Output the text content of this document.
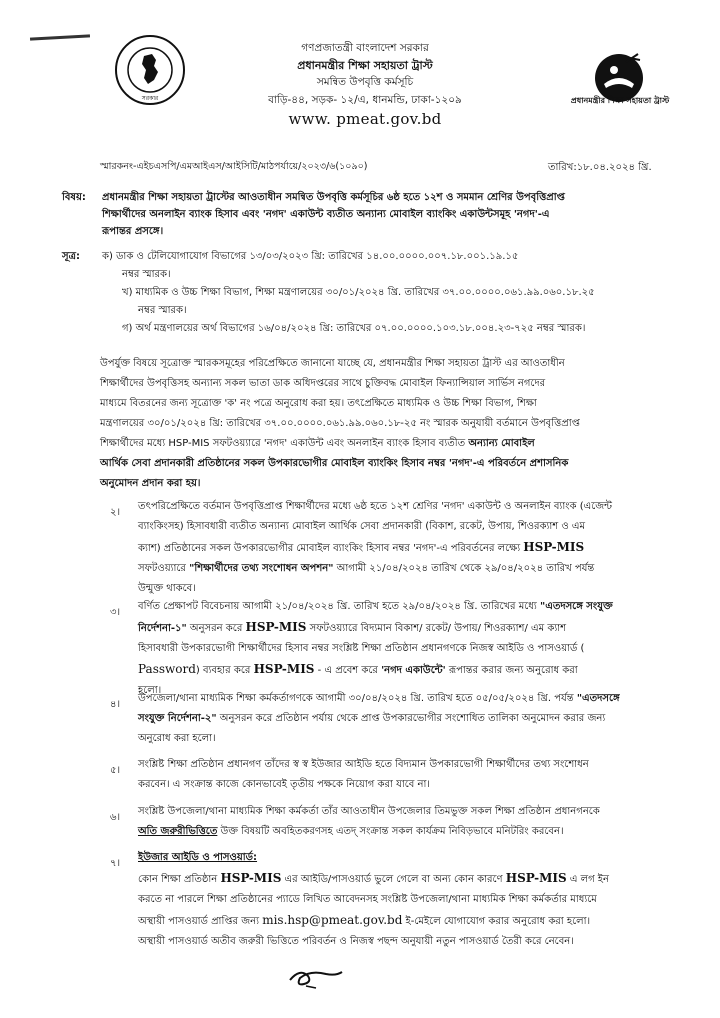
সরকার
গণপ্রজাতন্ত্রী বাংলাদেশ সরকার
প্রধানমন্ত্রীর শিক্ষা সহায়তা ট্রাস্ট
সমন্বিত উপবৃত্তি কর্মসূচি
বাড়ি-৪৪, সড়ক- ১২/এ, ধানমন্ডি, ঢাকা-১২০৯
www. pmeat.gov.bd
প্রধানমন্ত্রীর শিক্ষা সহায়তা ট্রাস্ট
স্মারকনং-এইচএসপি/এমআইএস/আইসিটি/মাঠপর্যায়ে/২০২৩/৬(১০৯০)	তারিখ:১৮.০৪.২০২৪ খ্রি.
বিষয়: প্রধানমন্ত্রীর শিক্ষা সহায়তা ট্রাস্টের আওতাধীন সমন্বিত উপবৃত্তি কর্মসূচির ৬ষ্ঠ হতে ১২শ ও সমমান শ্রেণির উপবৃত্তিপ্রাপ্ত
শিক্ষার্থীদের অনলাইন ব্যাংক হিসাব এবং 'নগদ' একাউন্ট ব্যতীত অন্যান্য মোবাইল ব্যাংকিং একাউন্টসমূহ 'নগদ'-এ
রূপান্তর প্রসঙ্গে।
সূত্র: ক) ডাক ও টেলিযোগাযোগ বিভাগের ১৩/০৩/২০২৩ খ্রি: তারিখের ১৪.০০.০০০০.০০৭.১৮.০০১.১৯.১৫
নম্বর স্মারক।
খ) মাধ্যমিক ও উচ্চ শিক্ষা বিভাগ, শিক্ষা মন্ত্রণালয়ের ৩০/০১/২০২৪ খ্রি. তারিখের ৩৭.০০.০০০০.০৬১.৯৯.০৬০.১৮.২৫
নম্বর স্মারক।
গ) অর্থ মন্ত্রণালয়ের অর্থ বিভাগের ১৬/০৪/২০২৪ খ্রি: তারিখের ০৭.০০.০০০০.১০৩.১৮.০০৪.২৩-৭২৫ নম্বর স্মারক।
উপর্যুক্ত বিষয়ে সূত্রোক্ত স্মারকসমূহের পরিপ্রেক্ষিতে জানানো যাচ্ছে যে, প্রধানমন্ত্রীর শিক্ষা সহায়তা ট্রাস্ট এর আওতাধীন
শিক্ষার্থীদের উপবৃত্তিসহ অন্যান্য সকল ভাতা ডাক অধিদপ্তরের সাথে চুক্তিবদ্ধ মোবাইল ফিন্যান্সিয়াল সার্ভিস নগদের
মাধ্যমে বিতরনের জন্য সূত্রোক্ত 'ক' নং পত্রে অনুরোধ করা হয়। তৎপ্রেক্ষিতে মাধ্যমিক ও উচ্চ শিক্ষা বিভাগ, শিক্ষা
মন্ত্রণালয়ের ৩০/০১/২০২৪ খ্রি: তারিখের ৩৭.০০.০০০০.০৬১.৯৯.০৬০.১৮-২৫ নং স্মারক অনুযায়ী বর্তমানে উপবৃত্তিপ্রাপ্ত
শিক্ষার্থীদের মধ্যে HSP-MIS সফটওয়্যারে 'নগদ' একাউন্ট এবং অনলাইন ব্যাংক হিসাব ব্যতীত অন্যান্য মোবাইল
আর্থিক সেবা প্রদানকারী প্রতিষ্ঠানের সকল উপকারভোগীর মোবাইল ব্যাংকিং হিসাব নম্বর 'নগদ'-এ পরিবর্তনে প্রশাসনিক
অনুমোদন প্রদান করা হয়।
২।
তৎপরিপ্রেক্ষিতে বর্তমান উপবৃত্তিপ্রাপ্ত শিক্ষার্থীদের মধ্যে ৬ষ্ঠ হতে ১২শ শ্রেণির 'নগদ' একাউন্ট ও অনলাইন ব্যাংক (এজেন্ট
ব্যাংকিংসহ) হিসাবধারী ব্যতীত অন্যান্য মোবাইল আর্থিক সেবা প্রদানকারী (বিকাশ, রকেট, উপায়, শিওরক্যাশ ও এম
ক্যাশ) প্রতিষ্ঠানের সকল উপকারভোগীর মোবাইল ব্যাংকিং হিসাব নম্বর 'নগদ'-এ পরিবর্তনের লক্ষ্যে HSP-MIS
সফটওয়্যারে "শিক্ষার্থীদের তথ্য সংশোধন অপশন" আগামী ২১/০৪/২০২৪ তারিখ থেকে ২৯/০৪/২০২৪ তারিখ পর্যন্ত
উন্মুক্ত থাকবে।
৩।
বর্ণিত প্রেক্ষাপট বিবেচনায় আগামী ২১/০৪/২০২৪ খ্রি. তারিখ হতে ২৯/০৪/২০২৪ খ্রি. তারিখের মধ্যে "এতদসঙ্গে সংযুক্ত
নির্দেশনা-১" অনুসরন করে HSP-MIS সফটওয়্যারে বিদ্যমান বিকাশ/ রকেট/ উপায়/ শিওরক্যাশ/ এম ক্যাশ
হিসাবধারী উপকারভোগী শিক্ষার্থীদের হিসাব নম্বর সংশ্লিষ্ট শিক্ষা প্রতিষ্ঠান প্রধানগণকে নিজস্ব আইডি ও পাসওয়ার্ড (
Password) ব্যবহার করে HSP-MIS - এ প্রবেশ করে 'নগদ একাউন্টে' রূপান্তর করার জন্য অনুরোধ করা
হলো।
৪।
উপজেলা/থানা মাধ্যমিক শিক্ষা কর্মকর্তাগণকে আগামী ৩০/০৪/২০২৪ খ্রি. তারিখ হতে ০৫/০৫/২০২৪ খ্রি. পর্যন্ত "এতদসঙ্গে
সংযুক্ত নির্দেশনা-২" অনুসরন করে প্রতিষ্ঠান পর্যায় থেকে প্রাপ্ত উপকারভোগীর সংশোধিত তালিকা অনুমোদন করার জন্য
অনুরোধ করা হলো।
৫।
সংশ্লিষ্ট শিক্ষা প্রতিষ্ঠান প্রধানগণ তাঁদের স্ব স্ব ইউজার আইডি হতে বিদ্যমান উপকারভোগী শিক্ষার্থীদের তথ্য সংশোধন
করবেন। এ সংক্রান্ত কাজে কোনভাবেই তৃতীয় পক্ষকে নিয়োগ করা যাবে না।
৬।
সংশ্লিষ্ট উপজেলা/থানা মাধ্যমিক শিক্ষা কর্মকর্তা তাঁর আওতাধীন উপজেলার তিমভুক্ত সকল শিক্ষা প্রতিষ্ঠান প্রধানগনকে
অতি জরুরীভিত্তিতে উক্ত বিষয়টি অবহিতকরণসহ এতদ্ সংক্রান্ত সকল কার্যক্রম নিবিড়ভাবে মনিটরিং করবেন।
৭।
ইউজার আইডি ও পাসওয়ার্ড:
কোন শিক্ষা প্রতিষ্ঠান HSP-MIS এর আইডি/পাসওয়ার্ড ভুলে গেলে বা অন্য কোন কারণে HSP-MIS এ লগ ইন
করতে না পারলে শিক্ষা প্রতিষ্ঠানের প্যাডে লিখিত আবেদনসহ সংশ্লিষ্ট উপজেলা/থানা মাধ্যমিক শিক্ষা কর্মকর্তার মাধ্যমে
অস্থায়ী পাসওয়ার্ড প্রাপ্তির জন্য mis.hsp@pmeat.gov.bd ই-মেইলে যোগাযোগ করার অনুরোধ করা হলো।
অস্থায়ী পাসওয়ার্ড অতীব জরুরী ভিত্তিতে পরিবর্তন ও নিজস্ব পছন্দ অনুযায়ী নতুন পাসওয়ার্ড তৈরী করে নেবেন।
